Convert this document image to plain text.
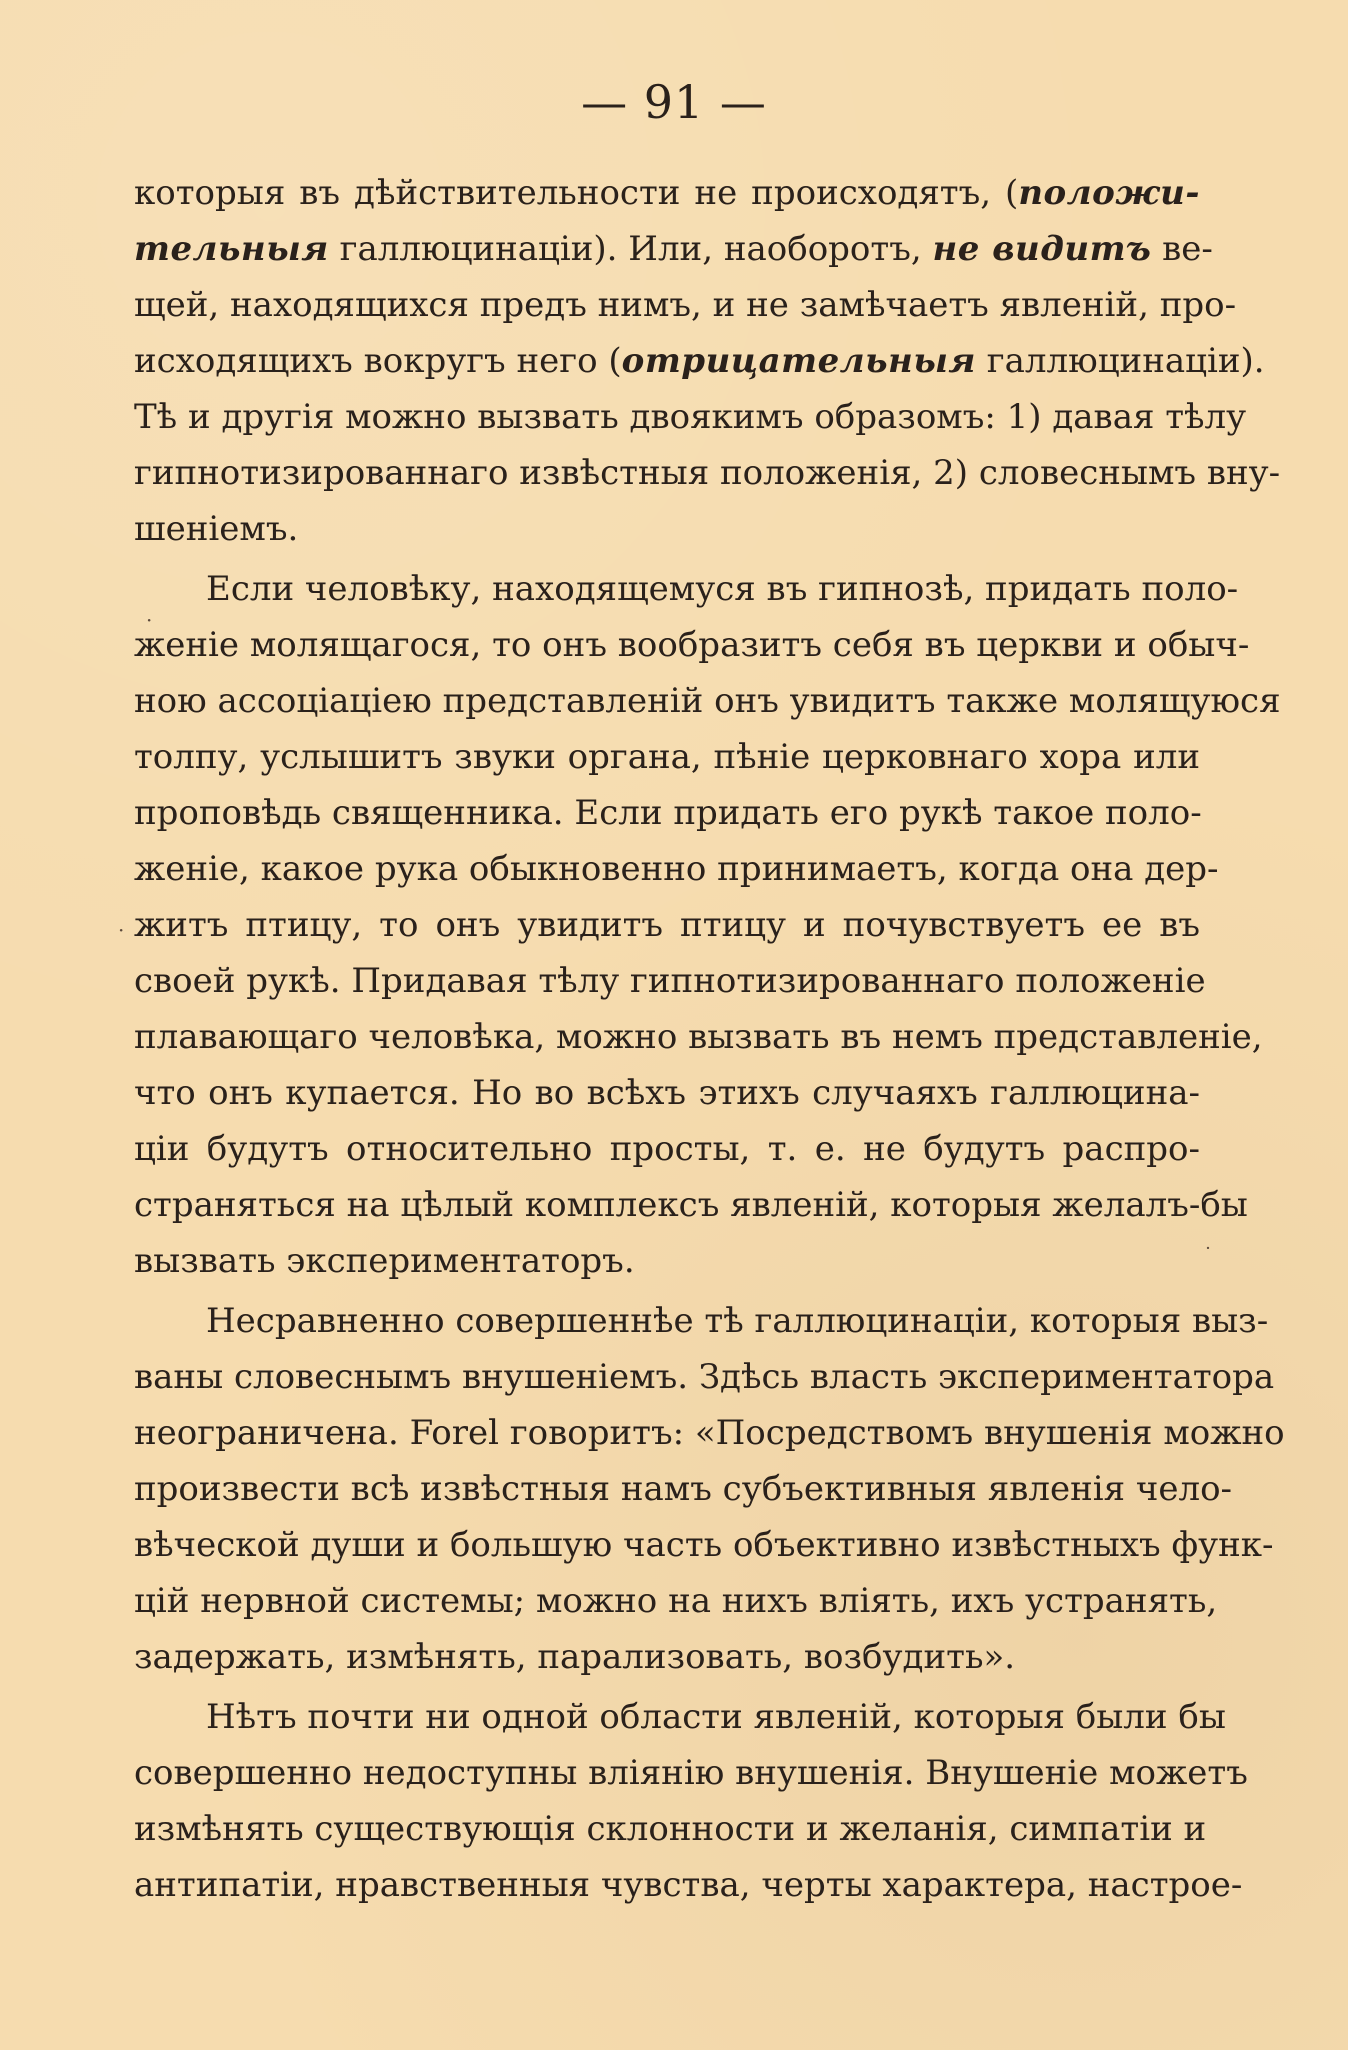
— 91 —
которыя въ дѣйствительности не происходятъ, (положи-
тельныя галлюцинаціи). Или, наоборотъ, не видитъ ве-
щей, находящихся предъ нимъ, и не замѣчаетъ явленій, про-
исходящихъ вокругъ него (отрицательныя галлюцинаціи).
Тѣ и другія можно вызвать двоякимъ образомъ: 1) давая тѣлу
гипнотизированнаго извѣстныя положенія, 2) словеснымъ вну-
шеніемъ.
Если человѣку, находящемуся въ гипнозѣ, придать поло-
женіе молящагося, то онъ вообразитъ себя въ церкви и обыч-
ною ассоціаціею представленій онъ увидитъ также молящуюся
толпу, услышитъ звуки органа, пѣніе церковнаго хора или
проповѣдь священника. Если придать его рукѣ такое поло-
женіе, какое рука обыкновенно принимаетъ, когда она дер-
житъ птицу, то онъ увидитъ птицу и почувствуетъ ее въ
своей рукѣ. Придавая тѣлу гипнотизированнаго положеніе
плавающаго человѣка, можно вызвать въ немъ представленіе,
что онъ купается. Но во всѣхъ этихъ случаяхъ галлюцина-
ціи будутъ относительно просты, т. е. не будутъ распро-
страняться на цѣлый комплексъ явленій, которыя желалъ-бы
вызвать экспериментаторъ.
Несравненно совершеннѣе тѣ галлюцинаціи, которыя выз-
ваны словеснымъ внушеніемъ. Здѣсь власть экспериментатора
неограничена. Forel говоритъ: «Посредствомъ внушенія можно
произвести всѣ извѣстныя намъ субъективныя явленія чело-
вѣческой души и большую часть объективно извѣстныхъ функ-
цій нервной системы; можно на нихъ вліять, ихъ устранять,
задержать, измѣнять, парализовать, возбудить».
Нѣтъ почти ни одной области явленій, которыя были бы
совершенно недоступны вліянію внушенія. Внушеніе можетъ
измѣнять существующія склонности и желанія, симпатіи и
антипатіи, нравственныя чувства, черты характера, настрое-
·
·
˙
